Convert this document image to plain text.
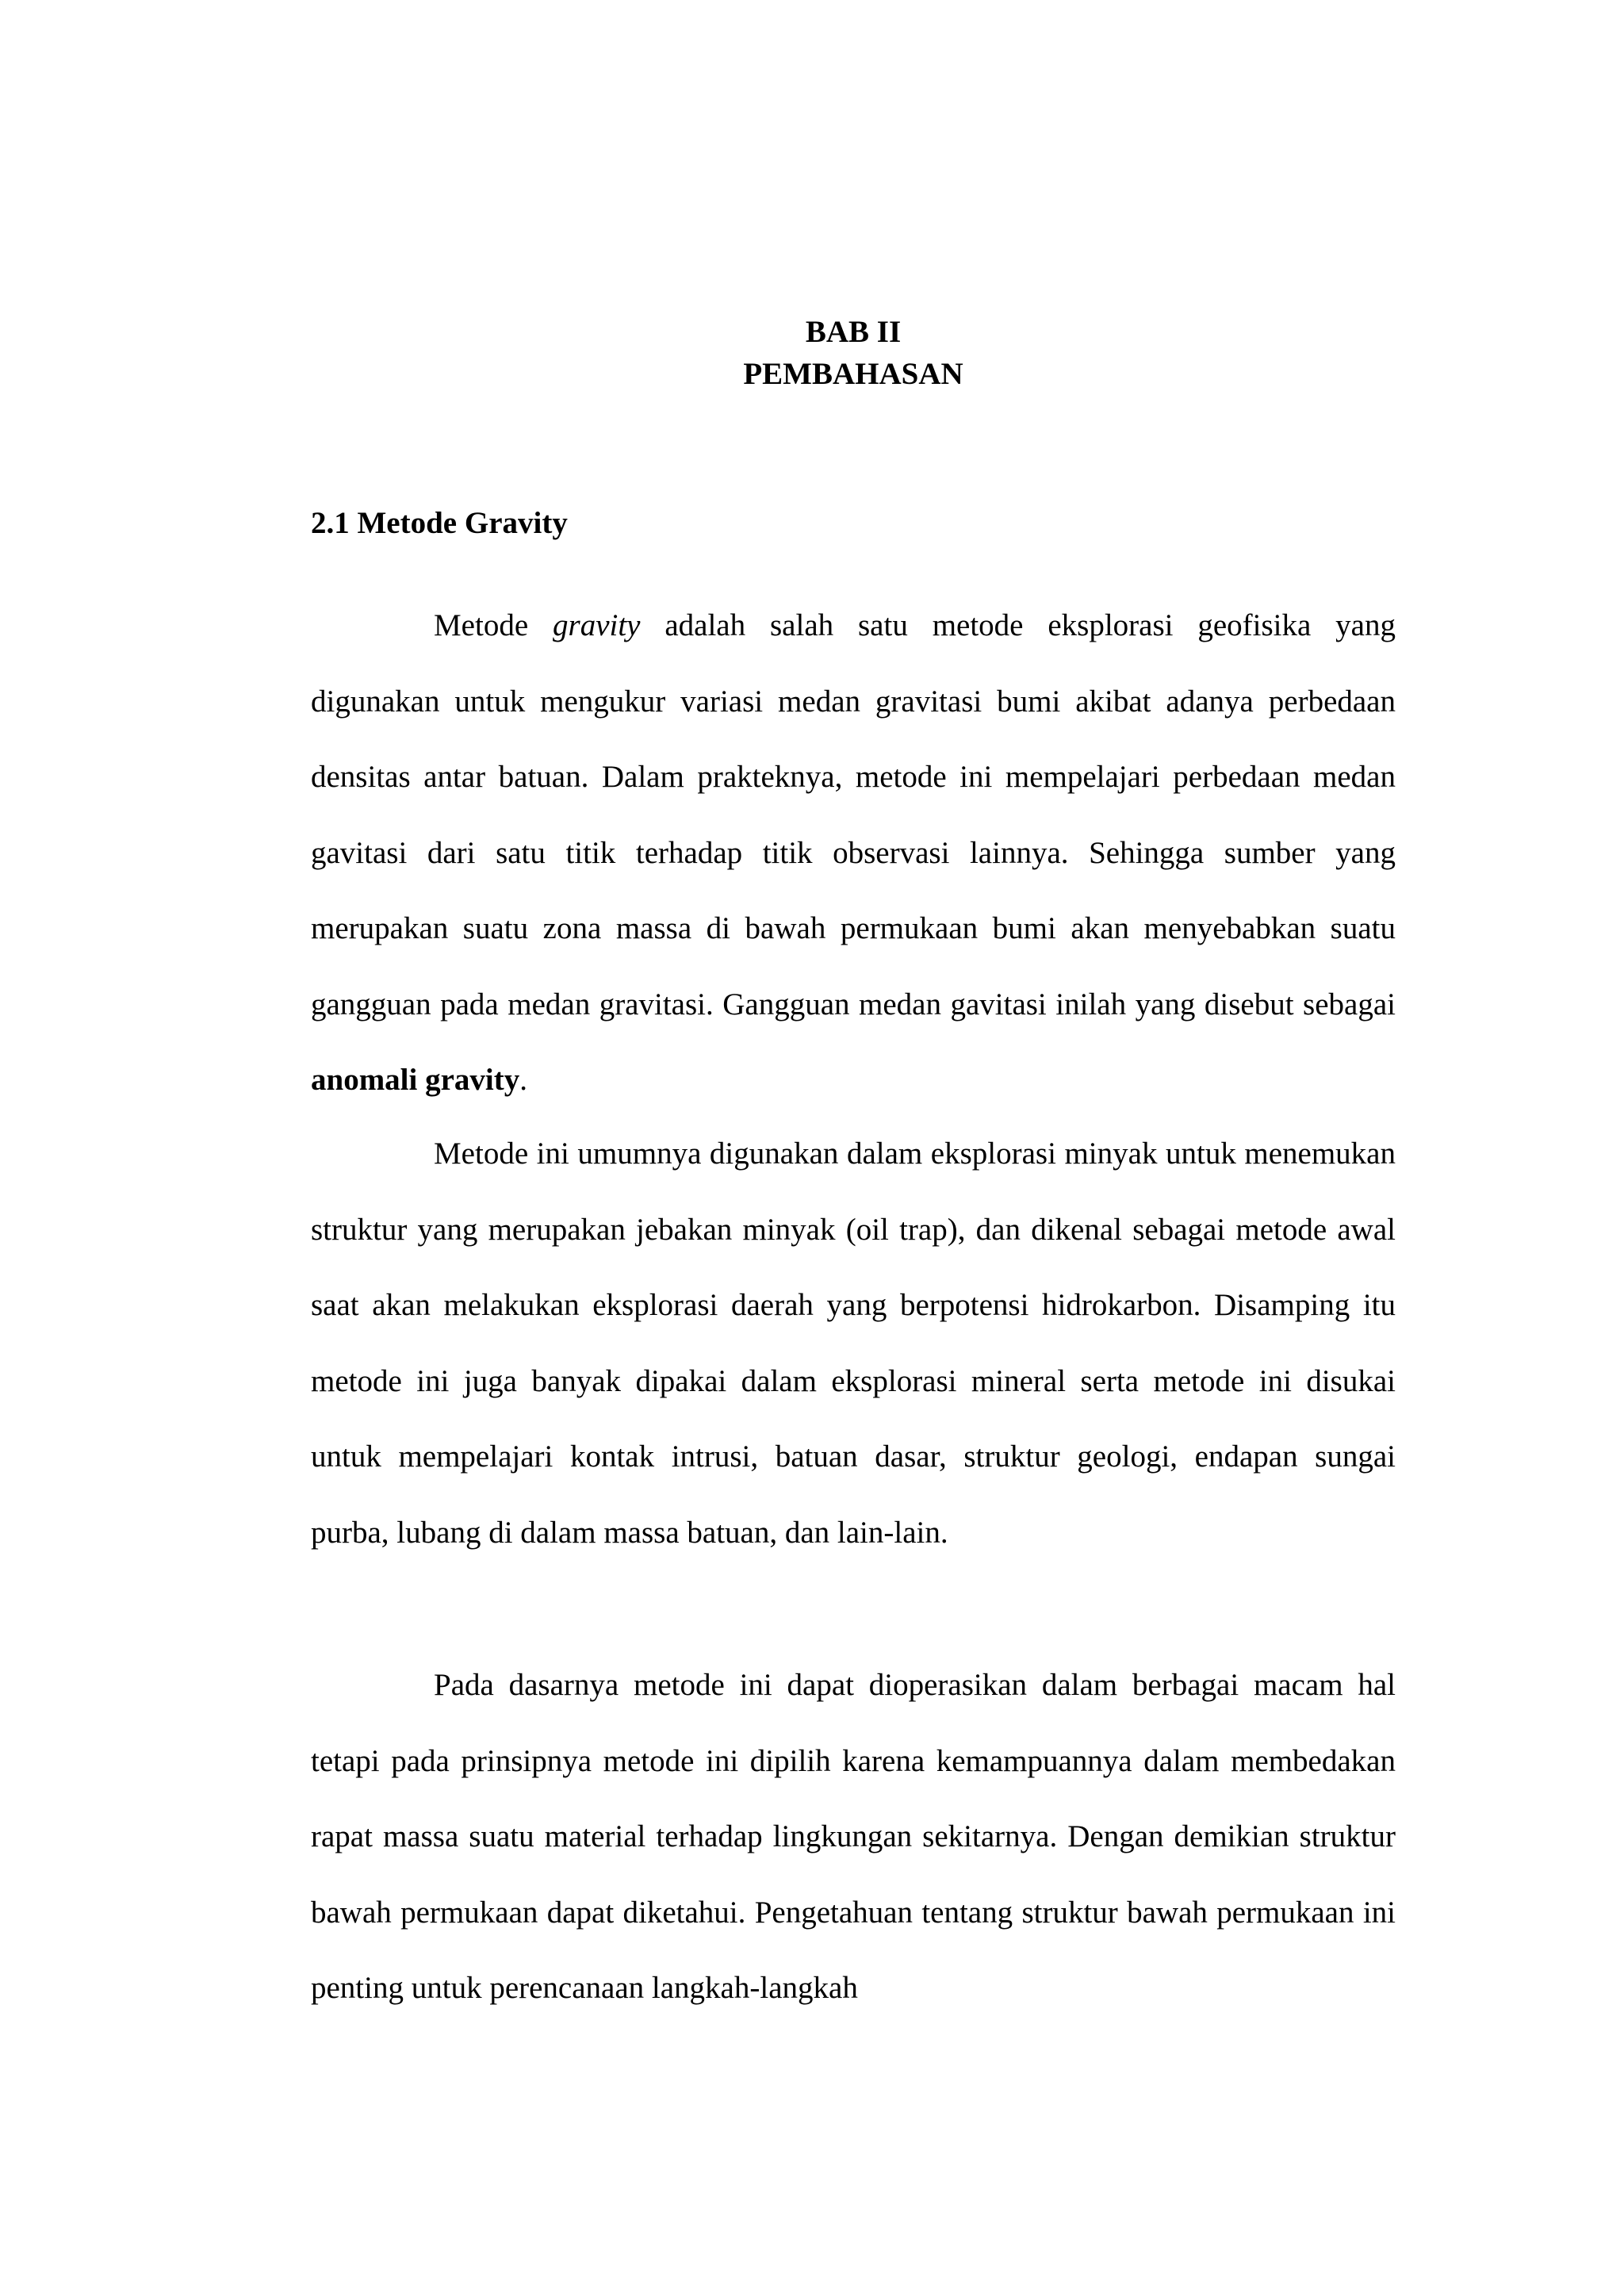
BAB II
PEMBAHASAN
2.1 Metode Gravity

Metode gravity adalah salah satu metode eksplorasi geofisika yang digunakan untuk mengukur variasi medan gravitasi bumi akibat adanya perbedaan densitas antar batuan. Dalam prakteknya, metode ini mempelajari perbedaan medan gavitasi dari satu titik terhadap titik observasi lainnya. Sehingga sumber yang merupakan suatu zona massa di bawah permukaan bumi akan menyebabkan suatu gangguan pada medan gravitasi. Gangguan medan gavitasi inilah yang disebut sebagai anomali gravity.

Metode ini umumnya digunakan dalam eksplorasi minyak untuk menemukan struktur yang merupakan jebakan minyak (oil trap), dan dikenal sebagai metode awal saat akan melakukan eksplorasi daerah yang berpotensi hidrokarbon. Disamping itu metode ini juga banyak dipakai dalam eksplorasi mineral serta metode ini disukai untuk mempelajari kontak intrusi, batuan dasar, struktur geologi, endapan sungai purba, lubang di dalam massa batuan, dan lain-lain.

Pada dasarnya metode ini dapat dioperasikan dalam berbagai macam hal tetapi pada prinsipnya metode ini dipilih karena kemampuannya dalam membedakan rapat massa suatu material terhadap lingkungan sekitarnya. Dengan demikian struktur bawah permukaan dapat diketahui. Pengetahuan tentang struktur bawah permukaan ini penting untuk perencanaan langkah-langkah
